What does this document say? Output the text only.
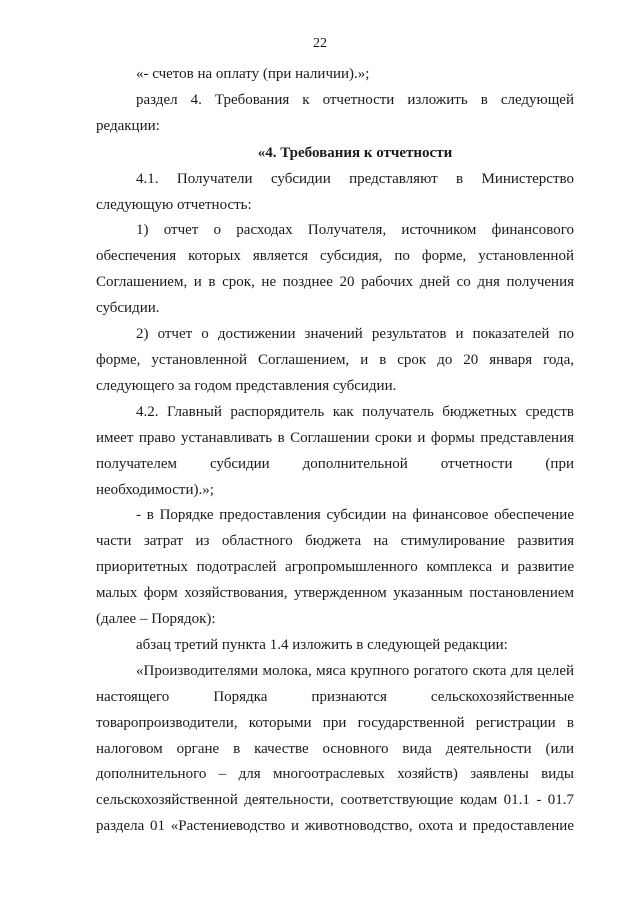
22

«- счетов на оплату (при наличии).»;

раздел 4. Требования к отчетности изложить в следующей редакции:

«4. Требования к отчетности

4.1. Получатели субсидии представляют в Министерство следующую отчетность:

1) отчет о расходах Получателя, источником финансового обеспечения которых является субсидия, по форме, установленной Соглашением, и в срок, не позднее 20 рабочих дней со дня получения субсидии.

2) отчет о достижении значений результатов и показателей по форме, установленной Соглашением, и в срок до 20 января года, следующего за годом представления субсидии.

4.2. Главный распорядитель как получатель бюджетных средств имеет право устанавливать в Соглашении сроки и формы представления получателем субсидии дополнительной отчетности (при необходимости).»;

- в Порядке предоставления субсидии на финансовое обеспечение части затрат из областного бюджета на стимулирование развития приоритетных подотраслей агропромышленного комплекса и развитие малых форм хозяйствования, утвержденном указанным постановлением (далее – Порядок):

абзац третий пункта 1.4 изложить в следующей редакции:

«Производителями молока, мяса крупного рогатого скота для целей настоящего Порядка признаются сельскохозяйственные товаропроизводители, которыми при государственной регистрации в налоговом органе в качестве основного вида деятельности (или дополнительного – для многоотраслевых хозяйств) заявлены виды сельскохозяйственной деятельности, соответствующие кодам 01.1 - 01.7 раздела 01 «Растениеводство и животноводство, охота и предоставление
